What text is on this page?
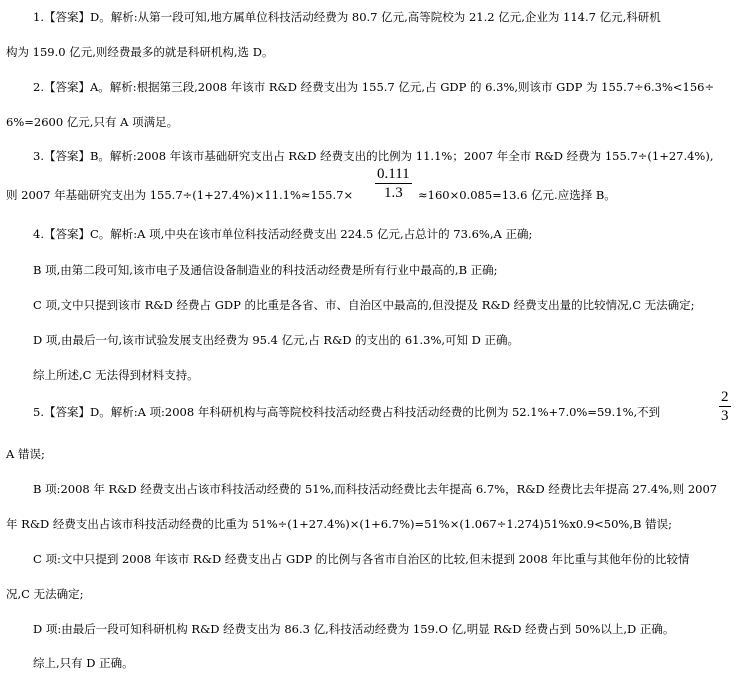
1.【答案】D。解析:从第一段可知,地方属单位科技活动经费为 80.7 亿元,高等院校为 21.2 亿元,企业为 114.7 亿元,科研机
构为 159.0 亿元,则经费最多的就是科研机构,选 D。
2.【答案】A。解析:根据第三段,2008 年该市 R&D 经费支出为 155.7 亿元,占 GDP 的 6.3%,则该市 GDP 为 155.7÷6.3%<156÷
6%=2600 亿元,只有 A 项满足。
3.【答案】B。解析:2008 年该市基础研究支出占 R&D 经费支出的比例为 11.1%；2007 年全市 R&D 经费为 155.7÷(1+27.4%),
则 2007 年基础研究支出为 $155.7\div(1+27.4\%)\times 11.1\%\approx 155.7\times \frac{0.111}{1.3} \approx 160\times 0.085=13.6$ 亿元.应选择 B。
4.【答案】C。解析:A 项,中央在该市单位科技活动经费支出 224.5 亿元,占总计的 73.6%,A 正确;
B 项,由第二段可知,该市电子及通信设备制造业的科技活动经费是所有行业中最高的,B 正确;
C 项,文中只提到该市 R&D 经费占 GDP 的比重是各省、市、自治区中最高的,但没提及 R&D 经费支出量的比较情况,C 无法确定;
D 项,由最后一句,该市试验发展支出经费为 95.4 亿元,占 R&D 的支出的 61.3%,可知 D 正确。
综上所述,C 无法得到材料支持。
5.【答案】D。解析:A 项:2008 年科研机构与高等院校科技活动经费占科技活动经费的比例为 52.1%+7.0%=59.1%,不到	$\frac{2}{3}$
A 错误;
B 项:2008 年 R&D 经费支出占该市科技活动经费的 51%,而科技活动经费比去年提高 6.7%，R&D 经费比去年提高 27.4%,则 2007
年 R&D 经费支出占该市科技活动经费的比重为 51%÷(1+27.4%)×(1+6.7%)=51%×(1.067÷1.274)51%x0.9<50%,B 错误;
C 项:文中只提到 2008 年该市 R&D 经费支出占 GDP 的比例与各省市自治区的比较,但未提到 2008 年比重与其他年份的比较情
况,C 无法确定;
D 项:由最后一段可知科研机构 R&D 经费支出为 86.3 亿,科技活动经费为 159.O 亿,明显 R&D 经费占到 50%以上,D 正确。
综上,只有 D 正确。
